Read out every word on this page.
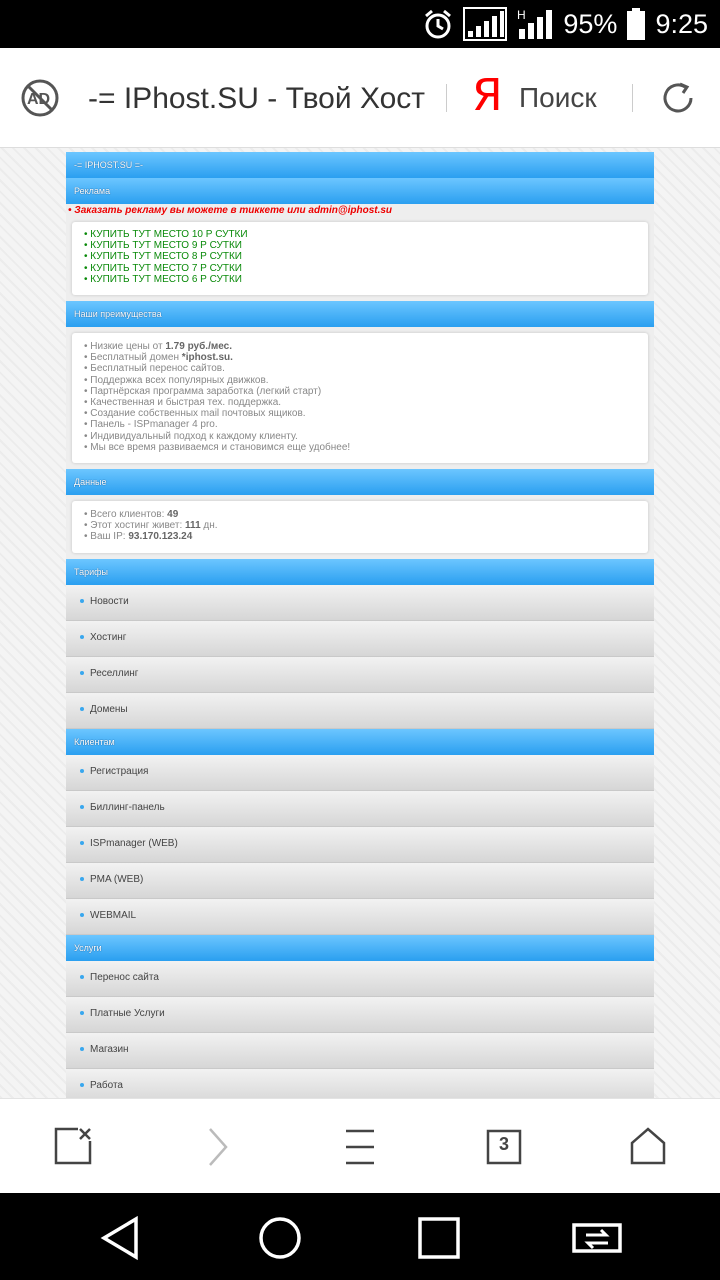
H 95% 9:25
AD -= IPhost.SU - Твой Хост	Я Поиск
-= IPHOST.SU =-
Реклама
• Заказать рекламу вы можете в тиккете или admin@iphost.su
• КУПИТЬ ТУТ МЕСТО 10 Р СУТКИ
• КУПИТЬ ТУТ МЕСТО 9 Р СУТКИ
• КУПИТЬ ТУТ МЕСТО 8 Р СУТКИ
• КУПИТЬ ТУТ МЕСТО 7 Р СУТКИ
• КУПИТЬ ТУТ МЕСТО 6 Р СУТКИ
Наши преимущества
• Низкие цены от 1.79 руб./мес.
• Бесплатный домен *iphost.su.
• Бесплатный перенос сайтов.
• Поддержка всех популярных движков.
• Партнёрская программа заработка (легкий старт)
• Качественная и быстрая тех. поддержка.
• Создание собственных mail почтовых ящиков.
• Панель - ISPmanager 4 pro.
• Индивидуальный подход к каждому клиенту.
• Мы все время развиваемся и становимся еще удобнее!
Данные
• Всего клиентов: 49
• Этот хостинг живет: 111 дн.
• Ваш IP: 93.170.123.24
Тарифы
Новости
Хостинг
Реселлинг
Домены
Клиентам
Регистрация
Биллинг-панель
ISPmanager (WEB)
PMA (WEB)
WEBMAIL
Услуги
Перенос сайта
Платные Услуги
Магазин
Работа
3
